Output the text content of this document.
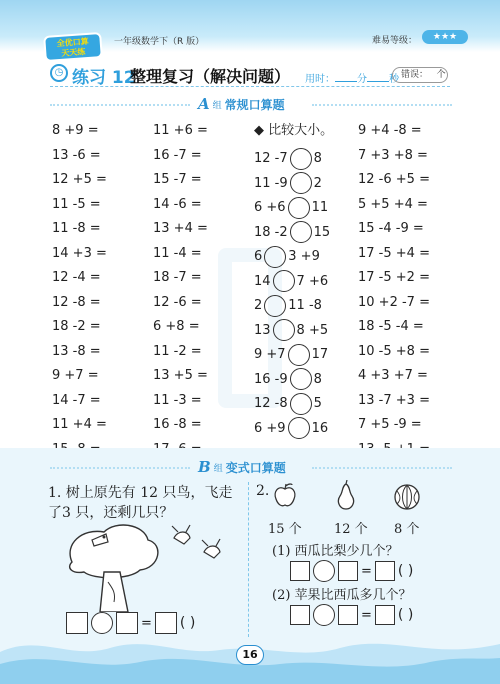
全优口算
天天练
一年级数学下（R 版）	难易等级：	★★★
◷ 练习 12
整理复习（解决问题） 用时： 分 秒 错误： 个
A 组 常规口算题
8 +9 =
13 -6 =
12 +5 =
11 -5 =
11 -8 =
14 +3 =
12 -4 =
12 -8 =
18 -2 =
13 -8 =
9 +7 =
14 -7 =
11 +4 =
11 +6 =
16 -7 =
15 -7 =
14 -6 =
13 +4 =
11 -4 =
18 -7 =
12 -6 =
6 +8 =
11 -2 =
13 +5 =
11 -3 =
16 -8 =
◆ 比较大小。
12 -7 8
11 -9 2
6 +6 11
18 -2 15
6 3 +9
14 7 +6
2 11 -8
13 8 +5
9 +7 17
16 -9 8
12 -8 5
6 +9 16
9 +4 -8 =
7 +3 +8 =
12 -6 +5 =
5 +5 +4 =
15 -4 -9 =
17 -5 +4 =
17 -5 +2 =
10 +2 -7 =
18 -5 -4 =
10 -5 +8 =
4 +3 +7 =
13 -7 +3 =
7 +5 -9 =
B 组 变式口算题
1. 树上原先有 12 只鸟，飞走了3 只，还剩几只？
= ( )
2.
15 个 12 个 8 个
(1) 西瓜比梨少几个？
= ( )
(2) 苹果比西瓜多几个？
= ( )
16
